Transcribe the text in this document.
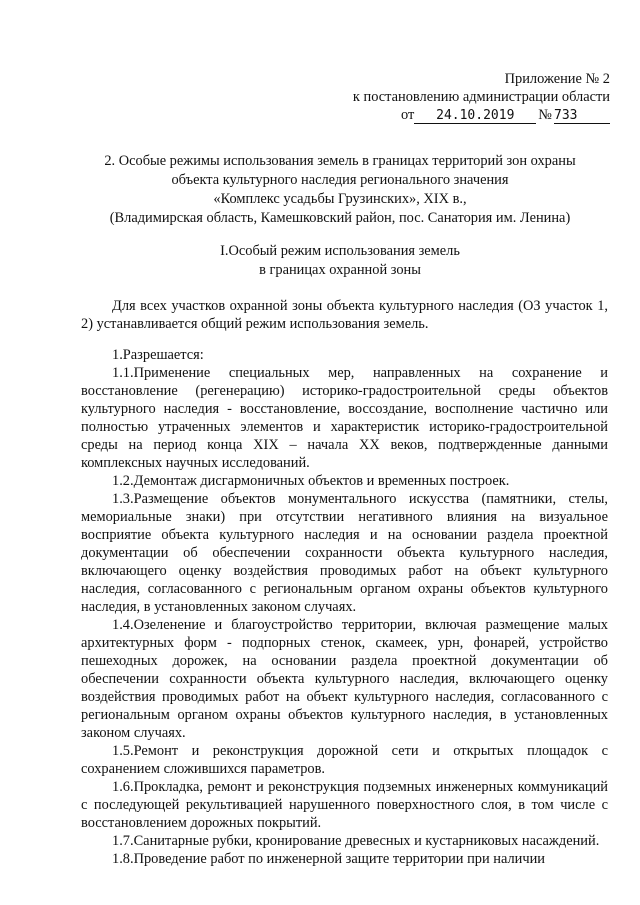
Приложение № 2
к постановлению администрации области
от	24.10.2019	№ 733
2. Особые режимы использования земель в границах территорий зон охраны
объекта культурного наследия регионального значения
«Комплекс усадьбы Грузинских», XIX в.,
(Владимирская область, Камешковский район, пос. Санатория им. Ленина)
I.Особый режим использования земель
в границах охранной зоны

Для всех участков охранной зоны объекта культурного наследия (ОЗ участок 1, 2) устанавливается общий режим использования земель.

1.Разрешается:

1.1.Применение специальных мер, направленных на сохранение и восстановление (регенерацию) историко-градостроительной среды объектов культурного наследия - восстановление, воссоздание, восполнение частично или полностью утраченных элементов и характеристик историко-градостроительной среды на период конца XIX – начала XX веков, подтвержденные данными комплексных научных исследований.

1.2.Демонтаж дисгармоничных объектов и временных построек.

1.3.Размещение объектов монументального искусства (памятники, стелы, мемориальные знаки) при отсутствии негативного влияния на визуальное восприятие объекта культурного наследия и на основании раздела проектной документации об обеспечении сохранности объекта культурного наследия, включающего оценку воздействия проводимых работ на объект культурного наследия, согласованного с региональным органом охраны объектов культурного наследия, в установленных законом случаях.

1.4.Озеленение и благоустройство территории, включая размещение малых архитектурных форм - подпорных стенок, скамеек, урн, фонарей, устройство пешеходных дорожек, на основании раздела проектной документации об обеспечении сохранности объекта культурного наследия, включающего оценку воздействия проводимых работ на объект культурного наследия, согласованного с региональным органом охраны объектов культурного наследия, в установленных законом случаях.

1.5.Ремонт и реконструкция дорожной сети и открытых площадок с сохранением сложившихся параметров.

1.6.Прокладка, ремонт и реконструкция подземных инженерных коммуникаций с последующей рекультивацией нарушенного поверхностного слоя, в том числе с восстановлением дорожных покрытий.

1.7.Санитарные рубки, кронирование древесных и кустарниковых насаждений.

1.8.Проведение работ по инженерной защите территории при наличии
